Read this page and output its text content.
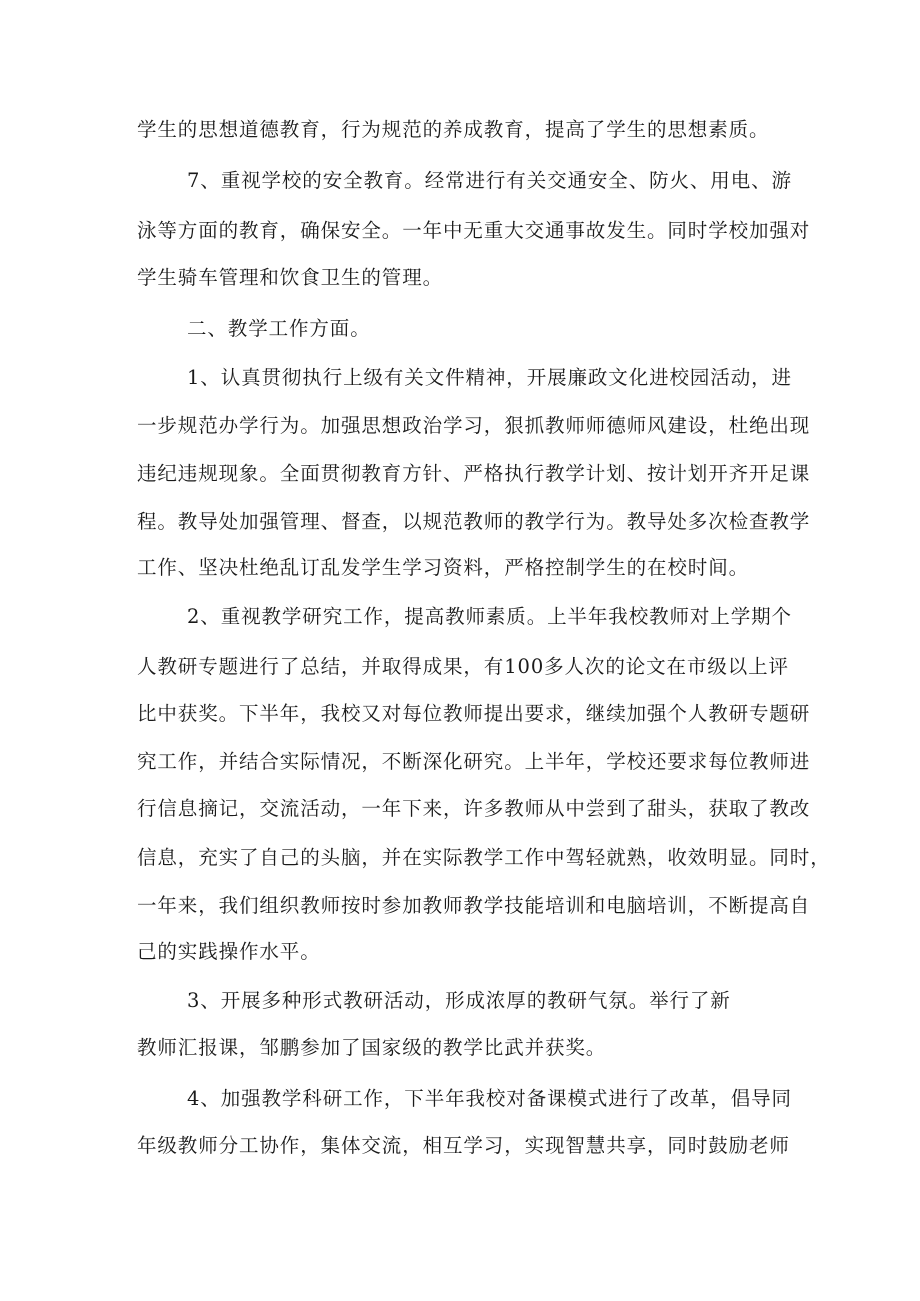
学生的思想道德教育，行为规范的养成教育，提高了学生的思想素质。
7、重视学校的安全教育。经常进行有关交通安全、防火、用电、游
泳等方面的教育，确保安全。一年中无重大交通事故发生。同时学校加强对
学生骑车管理和饮食卫生的管理。
二、教学工作方面。
1、认真贯彻执行上级有关文件精神，开展廉政文化进校园活动，进
一步规范办学行为。加强思想政治学习，狠抓教师师德师风建设，杜绝出现
违纪违规现象。全面贯彻教育方针、严格执行教学计划、按计划开齐开足课
程。教导处加强管理、督查，以规范教师的教学行为。教导处多次检查教学
工作、坚决杜绝乱订乱发学生学习资料，严格控制学生的在校时间。
2、重视教学研究工作，提高教师素质。上半年我校教师对上学期个
人教研专题进行了总结，并取得成果，有100多人次的论文在市级以上评
比中获奖。下半年，我校又对每位教师提出要求，继续加强个人教研专题研
究工作，并结合实际情况，不断深化研究。上半年，学校还要求每位教师进
行信息摘记，交流活动，一年下来，许多教师从中尝到了甜头，获取了教改
信息，充实了自己的头脑，并在实际教学工作中驾轻就熟，收效明显。同时，
一年来，我们组织教师按时参加教师教学技能培训和电脑培训，不断提高自
己的实践操作水平。
3、开展多种形式教研活动，形成浓厚的教研气氛。举行了新
教师汇报课，邹鹏参加了国家级的教学比武并获奖。
4、加强教学科研工作，下半年我校对备课模式进行了改革，倡导同
年级教师分工协作，集体交流，相互学习，实现智慧共享，同时鼓励老师
